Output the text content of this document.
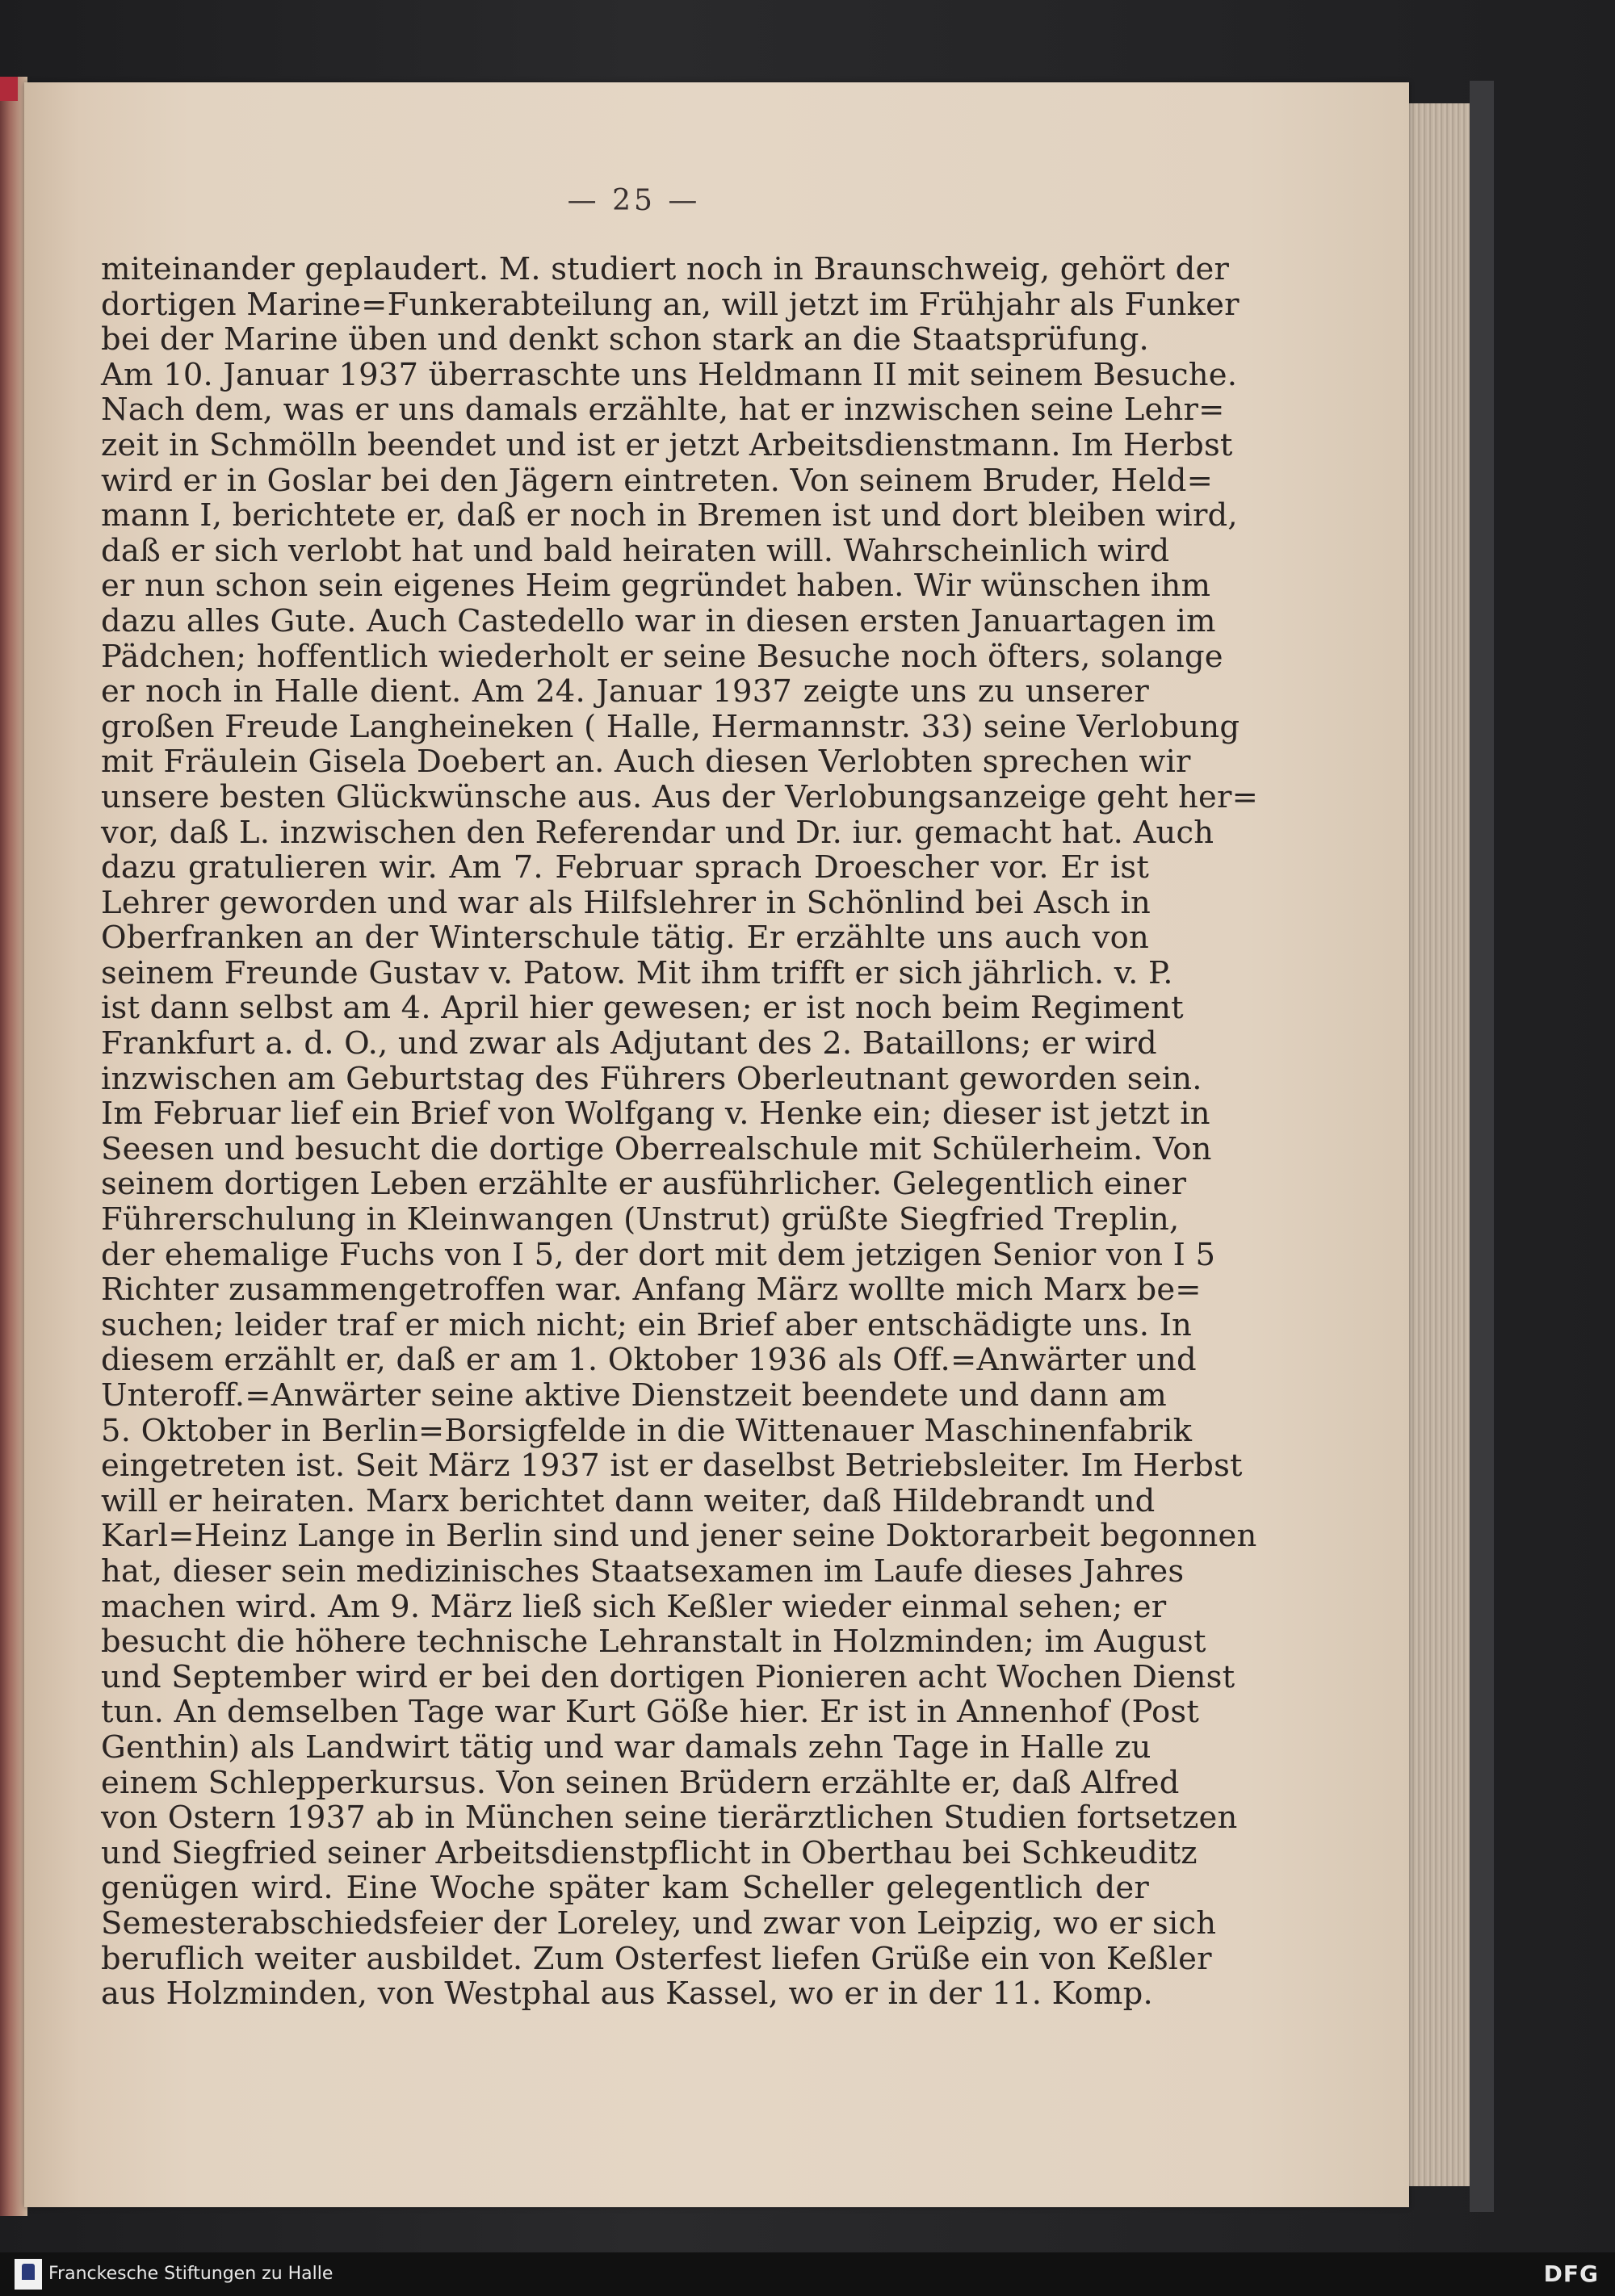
— 25 —
miteinander geplaudert. M. studiert noch in Braunschweig, gehört der
dortigen Marine=Funkerabteilung an, will jetzt im Frühjahr als Funker
bei der Marine üben und denkt schon stark an die Staatsprüfung.
Am 10. Januar 1937 überraschte uns Heldmann II mit seinem Besuche.
Nach dem, was er uns damals erzählte, hat er inzwischen seine Lehr=
zeit in Schmölln beendet und ist er jetzt Arbeitsdienstmann. Im Herbst
wird er in Goslar bei den Jägern eintreten. Von seinem Bruder, Held=
mann I, berichtete er, daß er noch in Bremen ist und dort bleiben wird,
daß er sich verlobt hat und bald heiraten will. Wahrscheinlich wird
er nun schon sein eigenes Heim gegründet haben. Wir wünschen ihm
dazu alles Gute. Auch Castedello war in diesen ersten Januartagen im
Pädchen; hoffentlich wiederholt er seine Besuche noch öfters, solange
er noch in Halle dient. Am 24. Januar 1937 zeigte uns zu unserer
großen Freude Langheineken ( Halle, Hermannstr. 33) seine Verlobung
mit Fräulein Gisela Doebert an. Auch diesen Verlobten sprechen wir
unsere besten Glückwünsche aus. Aus der Verlobungsanzeige geht her=
vor, daß L. inzwischen den Referendar und Dr. iur. gemacht hat. Auch
dazu gratulieren wir. Am 7. Februar sprach Droescher vor. Er ist
Lehrer geworden und war als Hilfslehrer in Schönlind bei Asch in
Oberfranken an der Winterschule tätig. Er erzählte uns auch von
seinem Freunde Gustav v. Patow. Mit ihm trifft er sich jährlich. v. P.
ist dann selbst am 4. April hier gewesen; er ist noch beim Regiment
Frankfurt a. d. O., und zwar als Adjutant des 2. Bataillons; er wird
inzwischen am Geburtstag des Führers Oberleutnant geworden sein.
Im Februar lief ein Brief von Wolfgang v. Henke ein; dieser ist jetzt in
Seesen und besucht die dortige Oberrealschule mit Schülerheim. Von
seinem dortigen Leben erzählte er ausführlicher. Gelegentlich einer
Führerschulung in Kleinwangen (Unstrut) grüßte Siegfried Treplin,
der ehemalige Fuchs von I 5, der dort mit dem jetzigen Senior von I 5
Richter zusammengetroffen war. Anfang März wollte mich Marx be=
suchen; leider traf er mich nicht; ein Brief aber entschädigte uns. In
diesem erzählt er, daß er am 1. Oktober 1936 als Off.=Anwärter und
Unteroff.=Anwärter seine aktive Dienstzeit beendete und dann am
5. Oktober in Berlin=Borsigfelde in die Wittenauer Maschinenfabrik
eingetreten ist. Seit März 1937 ist er daselbst Betriebsleiter. Im Herbst
will er heiraten. Marx berichtet dann weiter, daß Hildebrandt und
Karl=Heinz Lange in Berlin sind und jener seine Doktorarbeit begonnen
hat, dieser sein medizinisches Staatsexamen im Laufe dieses Jahres
machen wird. Am 9. März ließ sich Keßler wieder einmal sehen; er
besucht die höhere technische Lehranstalt in Holzminden; im August
und September wird er bei den dortigen Pionieren acht Wochen Dienst
tun. An demselben Tage war Kurt Göße hier. Er ist in Annenhof (Post
Genthin) als Landwirt tätig und war damals zehn Tage in Halle zu
einem Schlepperkursus. Von seinen Brüdern erzählte er, daß Alfred
von Ostern 1937 ab in München seine tierärztlichen Studien fortsetzen
und Siegfried seiner Arbeitsdienstpflicht in Oberthau bei Schkeuditz
genügen wird. Eine Woche später kam Scheller gelegentlich der
Semesterabschiedsfeier der Loreley, und zwar von Leipzig, wo er sich
beruflich weiter ausbildet. Zum Osterfest liefen Grüße ein von Keßler
aus Holzminden, von Westphal aus Kassel, wo er in der 11. Komp.
Franckesche Stiftungen zu Halle	DFG
